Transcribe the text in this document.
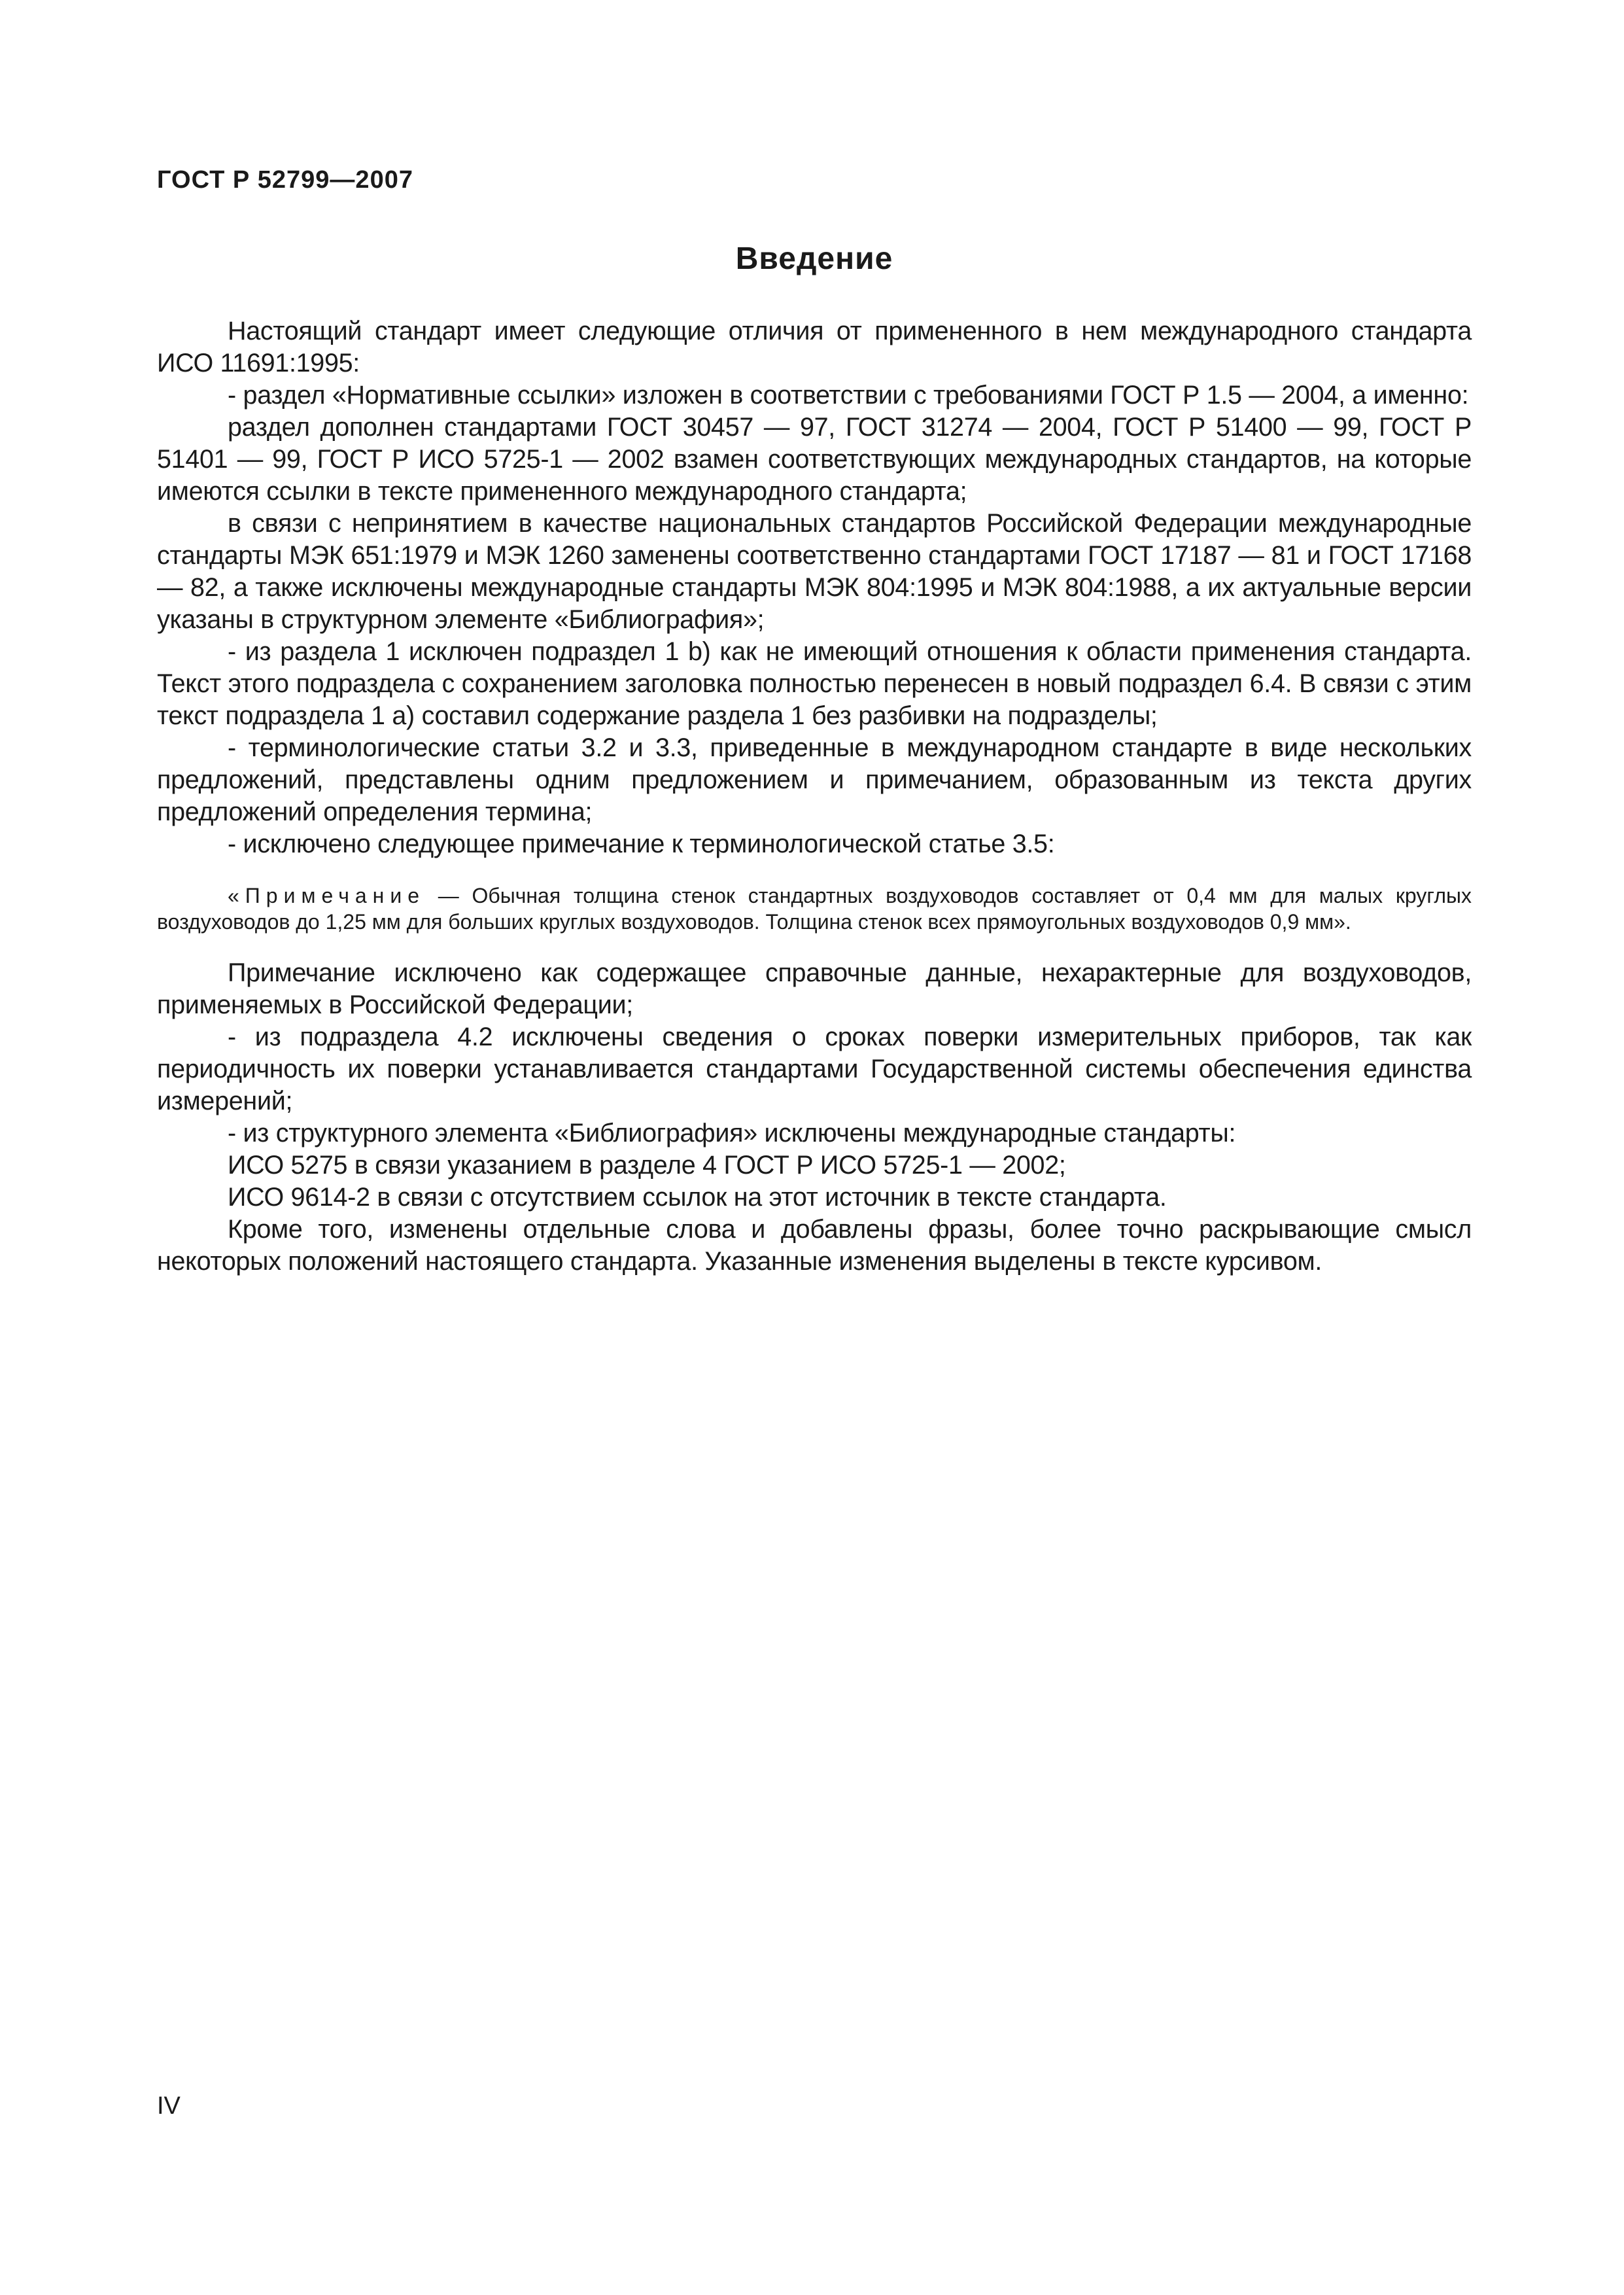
ГОСТ Р 52799—2007
Введение

Настоящий стандарт имеет следующие отличия от примененного в нем международного стандарта ИСО 11691:1995:

- раздел «Нормативные ссылки» изложен в соответствии с требованиями ГОСТ Р 1.5 — 2004, а именно:

раздел дополнен стандартами ГОСТ 30457 — 97, ГОСТ 31274 — 2004, ГОСТ Р 51400 — 99, ГОСТ Р 51401 — 99, ГОСТ Р ИСО 5725-1 — 2002 взамен соответствующих международных стандартов, на которые имеются ссылки в тексте примененного международного стандарта;

в связи с непринятием в качестве национальных стандартов Российской Федерации международные стандарты МЭК 651:1979 и МЭК 1260 заменены соответственно стандартами ГОСТ 17187 — 81 и ГОСТ 17168 — 82, а также исключены международные стандарты МЭК 804:1995 и МЭК 804:1988, а их актуальные версии указаны в структурном элементе «Библиография»;

- из раздела 1 исключен подраздел 1 b) как не имеющий отношения к области применения стандарта. Текст этого подраздела с сохранением заголовка полностью перенесен в новый подраздел 6.4. В связи с этим текст подраздела 1 а) составил содержание раздела 1 без разбивки на подразделы;

- терминологические статьи 3.2 и 3.3, приведенные в международном стандарте в виде нескольких предложений, представлены одним предложением и примечанием, образованным из текста других предложений определения термина;

- исключено следующее примечание к терминологической статье 3.5:

«Примечание — Обычная толщина стенок стандартных воздуховодов составляет от 0,4 мм для малых круглых воздуховодов до 1,25 мм для больших круглых воздуховодов. Толщина стенок всех прямоугольных воздуховодов 0,9 мм».

Примечание исключено как содержащее справочные данные, нехарактерные для воздуховодов, применяемых в Российской Федерации;

- из подраздела 4.2 исключены сведения о сроках поверки измерительных приборов, так как периодичность их поверки устанавливается стандартами Государственной системы обеспечения единства измерений;

- из структурного элемента «Библиография» исключены международные стандарты:

ИСО 5275 в связи указанием в разделе 4 ГОСТ Р ИСО 5725-1 — 2002;

ИСО 9614-2 в связи с отсутствием ссылок на этот источник в тексте стандарта.

Кроме того, изменены отдельные слова и добавлены фразы, более точно раскрывающие смысл некоторых положений настоящего стандарта. Указанные изменения выделены в тексте курсивом.

IV
